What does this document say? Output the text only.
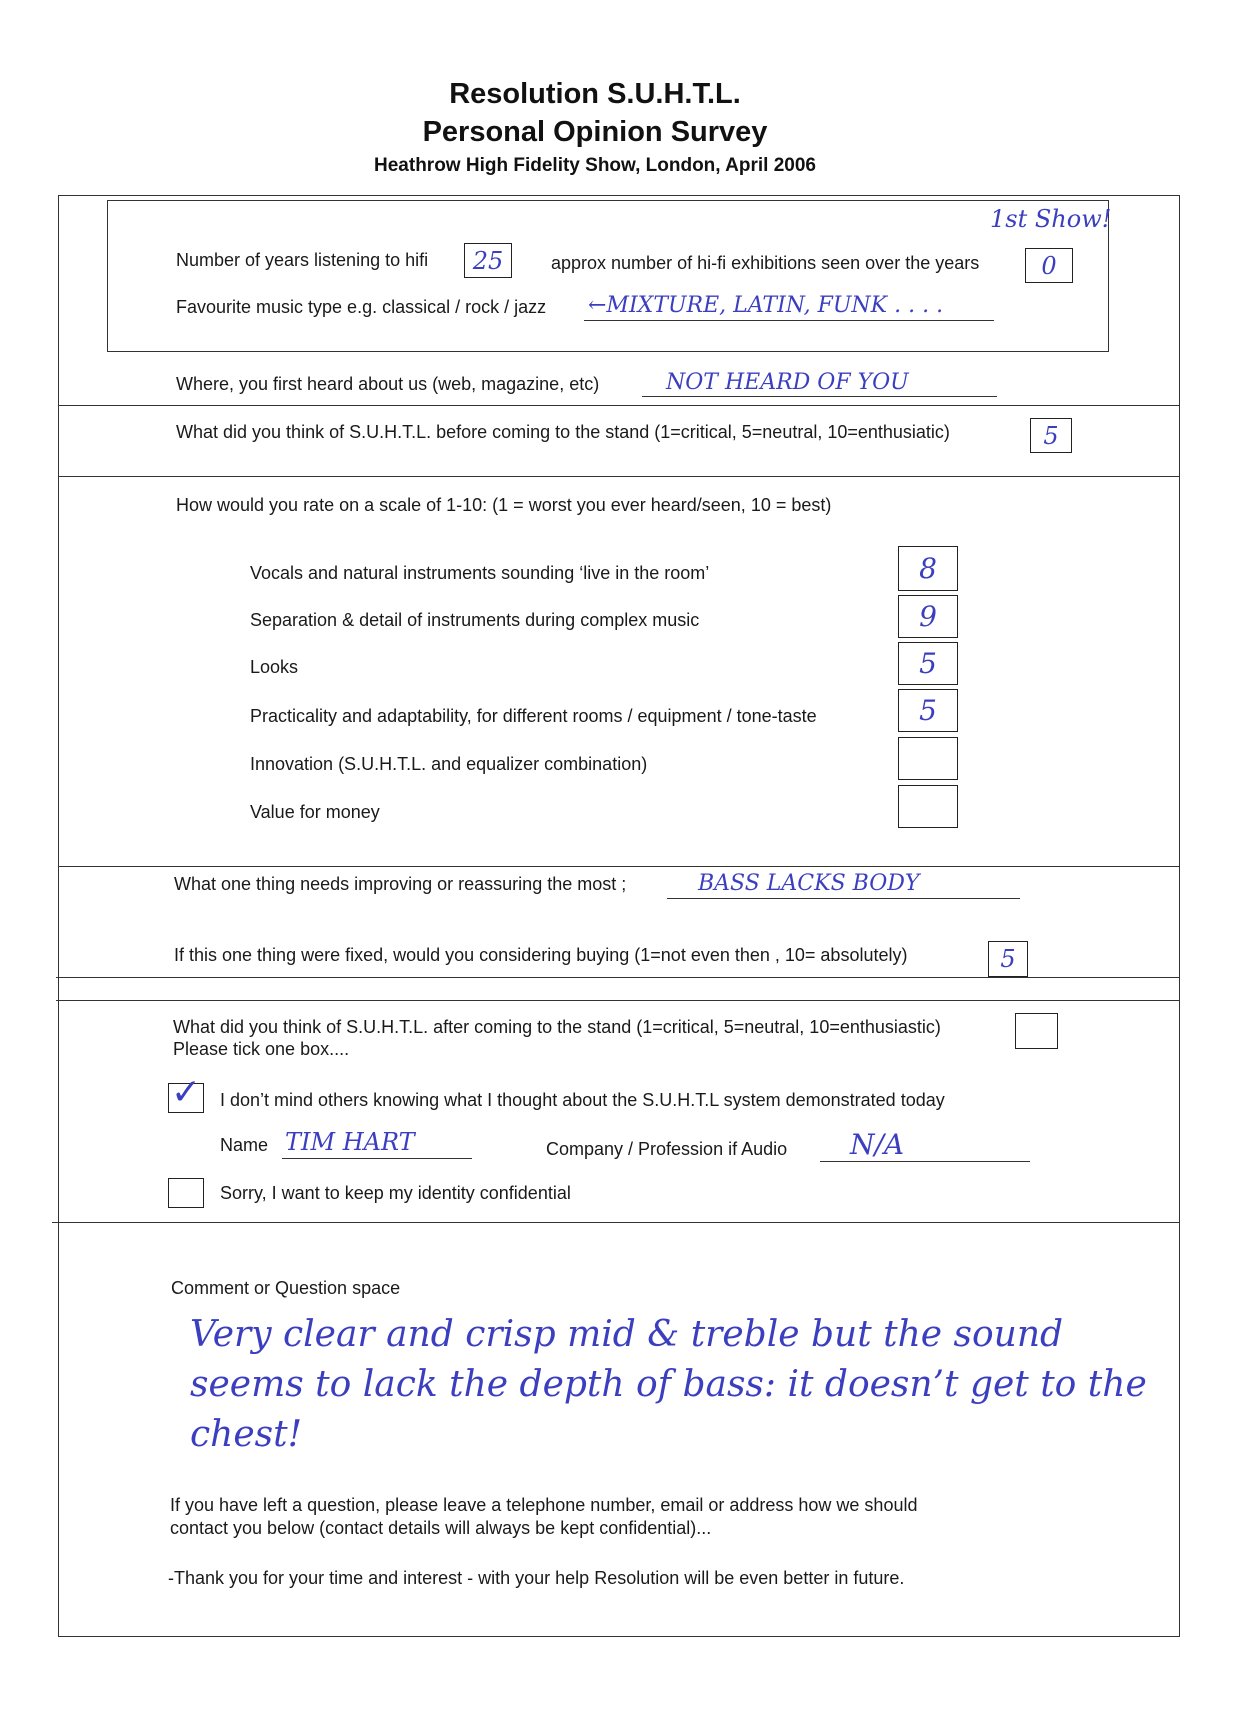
Resolution S.U.H.T.L.
Personal Opinion Survey
Heathrow High Fidelity Show, London, April 2006
1st Show!
Number of years listening to hifi	25	approx number of hi-fi exhibitions seen over the years	0
Favourite music type e.g. classical / rock / jazz ←MIXTURE, LATIN, FUNK . . . .
Where, you first heard about us (web, magazine, etc)	NOT HEARD OF YOU
What did you think of S.U.H.T.L. before coming to the stand (1=critical, 5=neutral, 10=enthusiatic)	5
How would you rate on a scale of 1-10: (1 = worst you ever heard/seen, 10 = best)
Vocals and natural instruments sounding ‘live in the room’	8
Separation & detail of instruments during complex music	9
Looks	5
Practicality and adaptability, for different rooms / equipment / tone-taste	5
Innovation (S.U.H.T.L. and equalizer combination)
Value for money
What one thing needs improving or reassuring the most ;	BASS LACKS BODY
If this one thing were fixed, would you considering buying (1=not even then , 10= absolutely)	5
What did you think of S.U.H.T.L. after coming to the stand (1=critical, 5=neutral, 10=enthusiastic)
Please tick one box....
✓ I don’t mind others knowing what I thought about the S.U.H.T.L system demonstrated today
Name TIM HART	Company / Profession if Audio N/A
Sorry, I want to keep my identity confidential
Comment or Question space
Very clear and crisp mid & treble but the sound seems to lack the depth of bass: it doesn’t get to the chest!
If you have left a question, please leave a telephone number, email or address how we should
contact you below (contact details will always be kept confidential)...
-Thank you for your time and interest - with your help Resolution will be even better in future.
